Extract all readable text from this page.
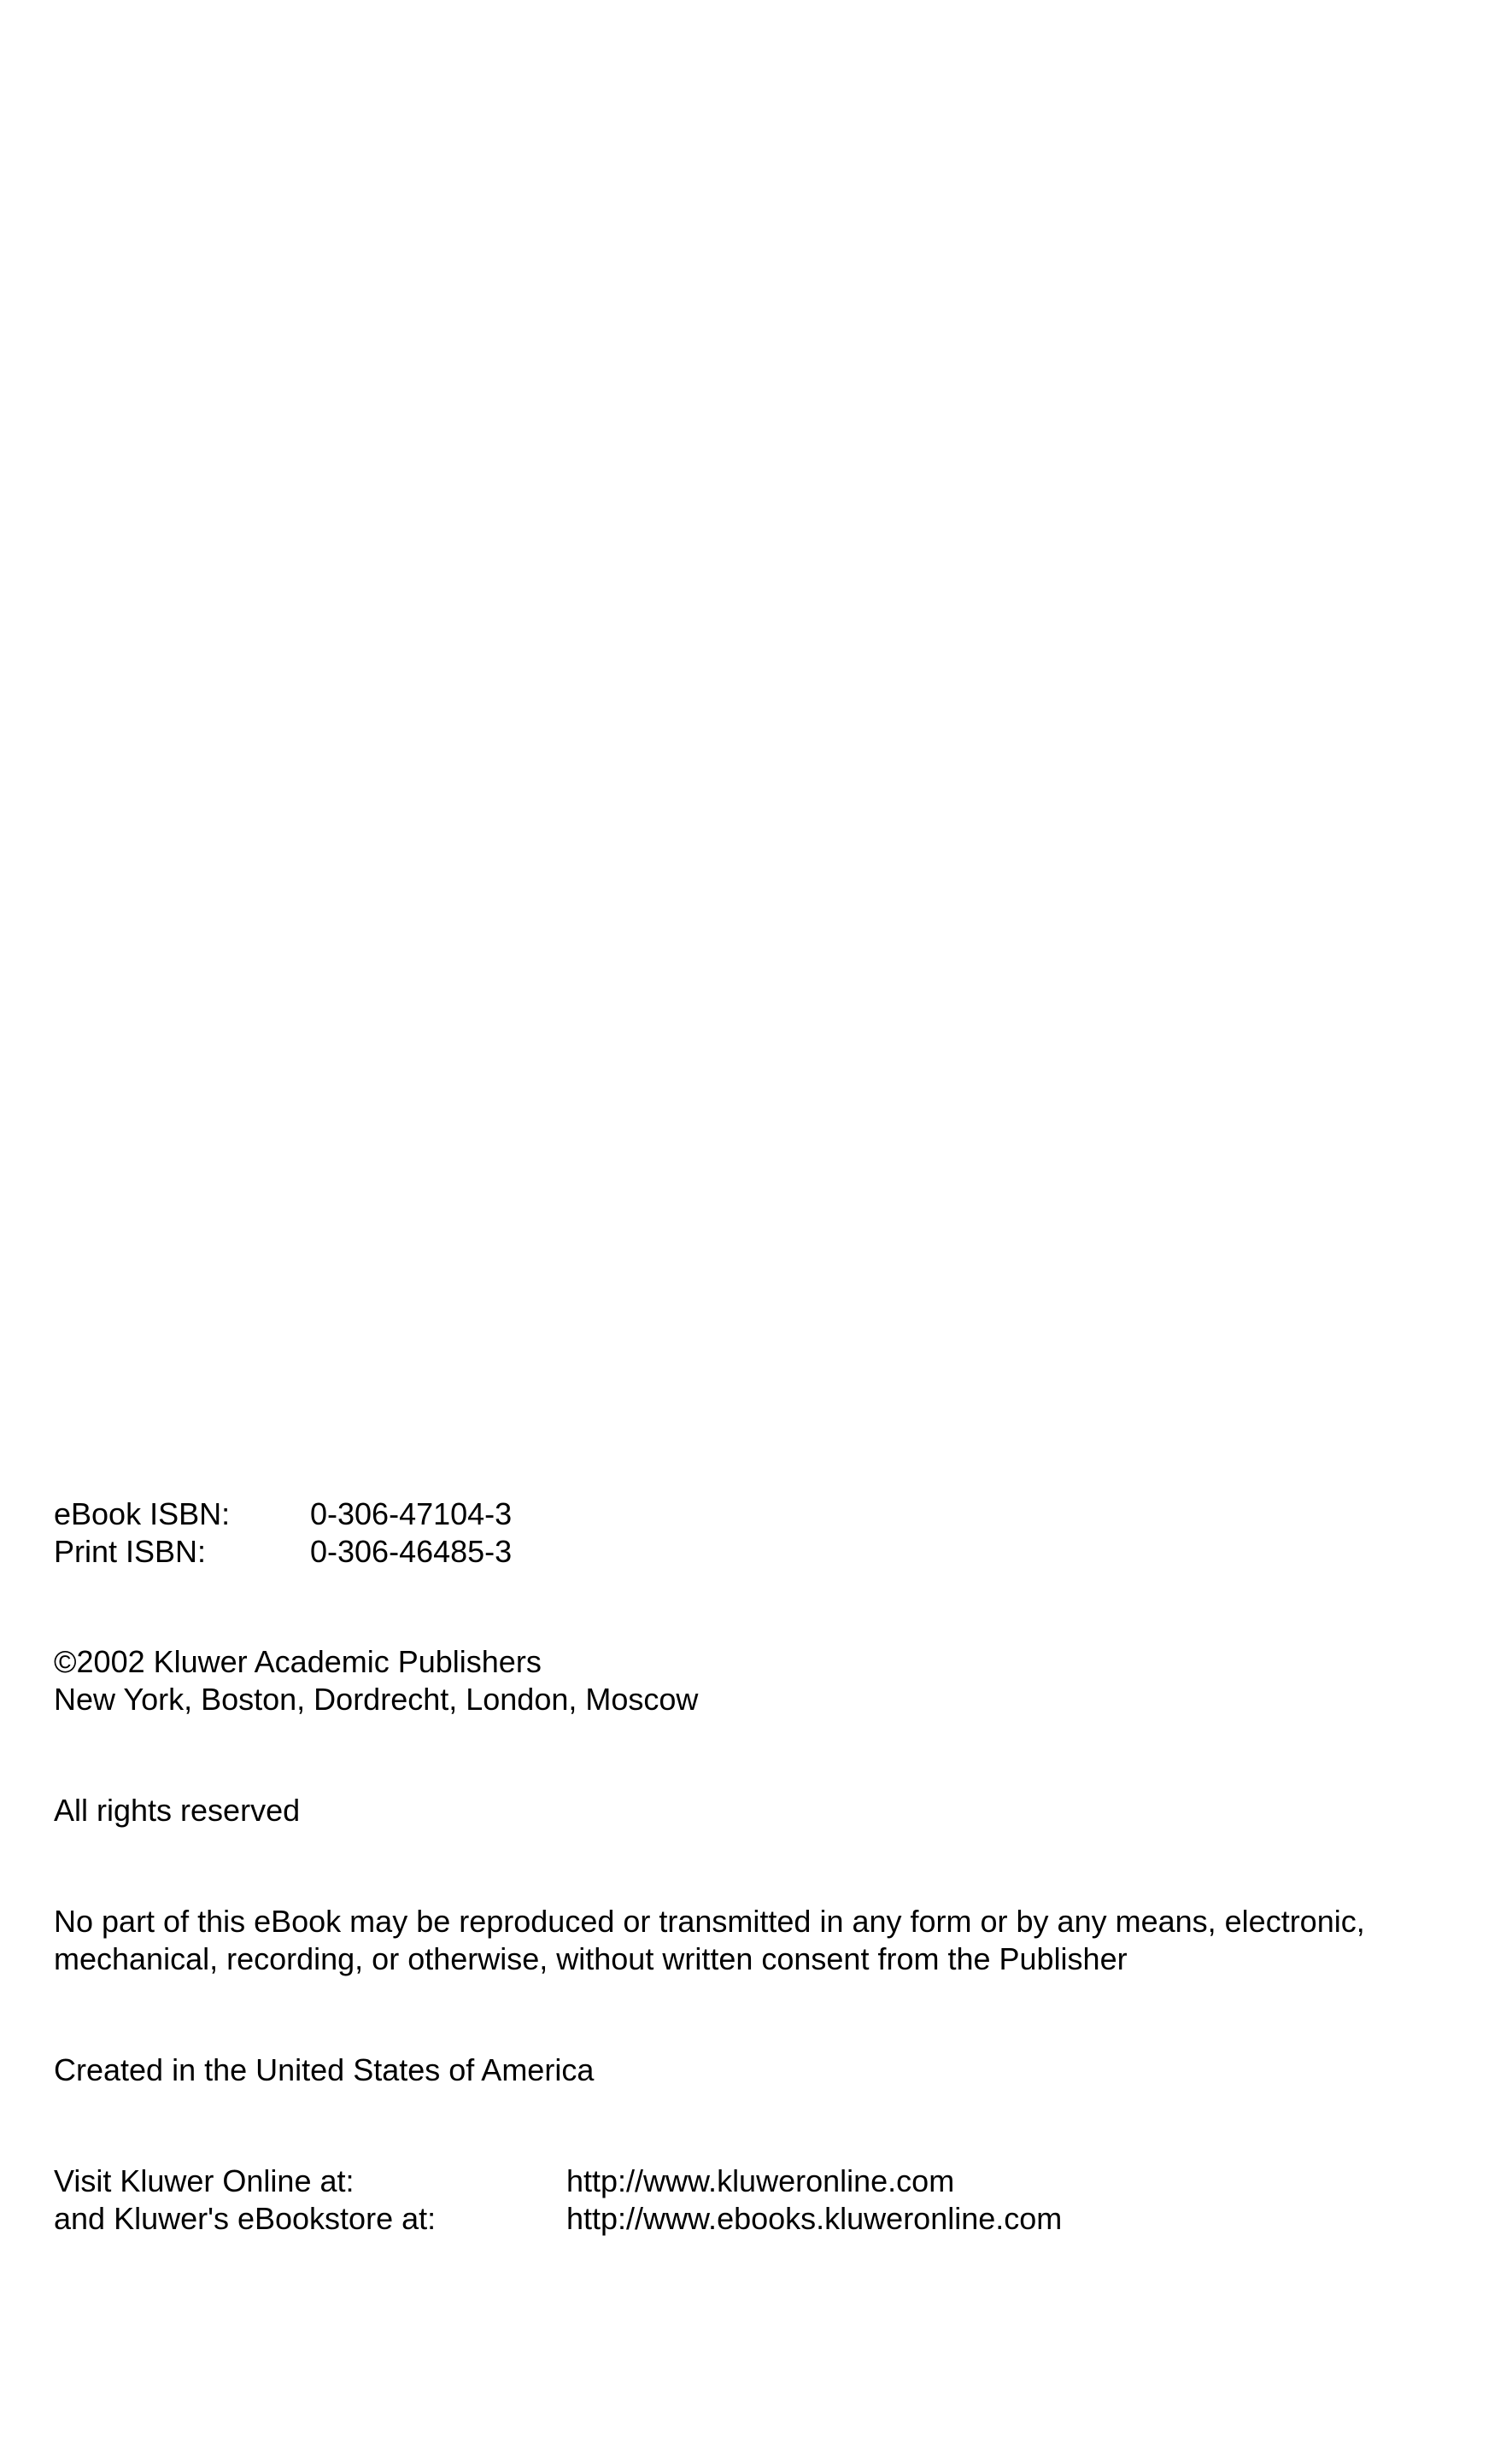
eBook ISBN:	0-306-47104-3
Print ISBN:	0-306-46485-3
©2002 Kluwer Academic Publishers
New York, Boston, Dordrecht, London, Moscow
All rights reserved
No part of this eBook may be reproduced or transmitted in any form or by any means, electronic,
mechanical, recording, or otherwise, without written consent from the Publisher
Created in the United States of America
Visit Kluwer Online at:	http://www.kluweronline.com
and Kluwer's eBookstore at:	http://www.ebooks.kluweronline.com
